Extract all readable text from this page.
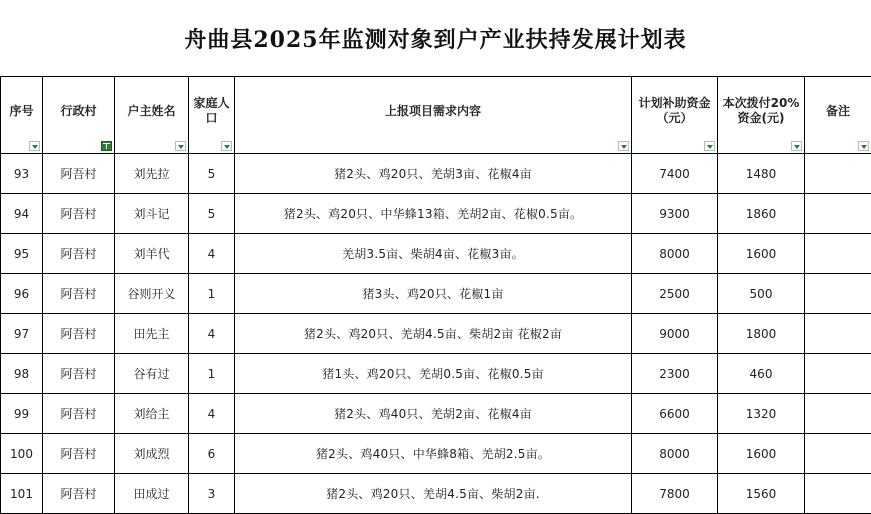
舟曲县2025年监测对象到户产业扶持发展计划表
序号	行政村	户主姓名	家庭人口	上报项目需求内容	计划补助资金（元）	本次拨付20%资金(元)	备注

93	阿吾村	刘先拉	5	猪2头、鸡20只、羌胡3亩、花椒4亩	7400	1480	
94	阿吾村	刘斗记	5	猪2头、鸡20只、中华蜂13箱、羌胡2亩、花椒0.5亩。	9300	1860	
95	阿吾村	刘羊代	4	羌胡3.5亩、柴胡4亩、花椒3亩。	8000	1600	
96	阿吾村	谷则开义	1	猪3头、鸡20只、花椒1亩	2500	500	
97	阿吾村	田先主	4	猪2头、鸡20只、羌胡4.5亩、柴胡2亩 花椒2亩	9000	1800	
98	阿吾村	谷有过	1	猪1头、鸡20只、羌胡0.5亩、花椒0.5亩	2300	460	
99	阿吾村	刘给主	4	猪2头、鸡40只、羌胡2亩、花椒4亩	6600	1320	
100	阿吾村	刘成烈	6	猪2头、鸡40只、中华蜂8箱、羌胡2.5亩。	8000	1600	
101	阿吾村	田成过	3	猪2头、鸡20只、羌胡4.5亩、柴胡2亩.	7800	1560	
